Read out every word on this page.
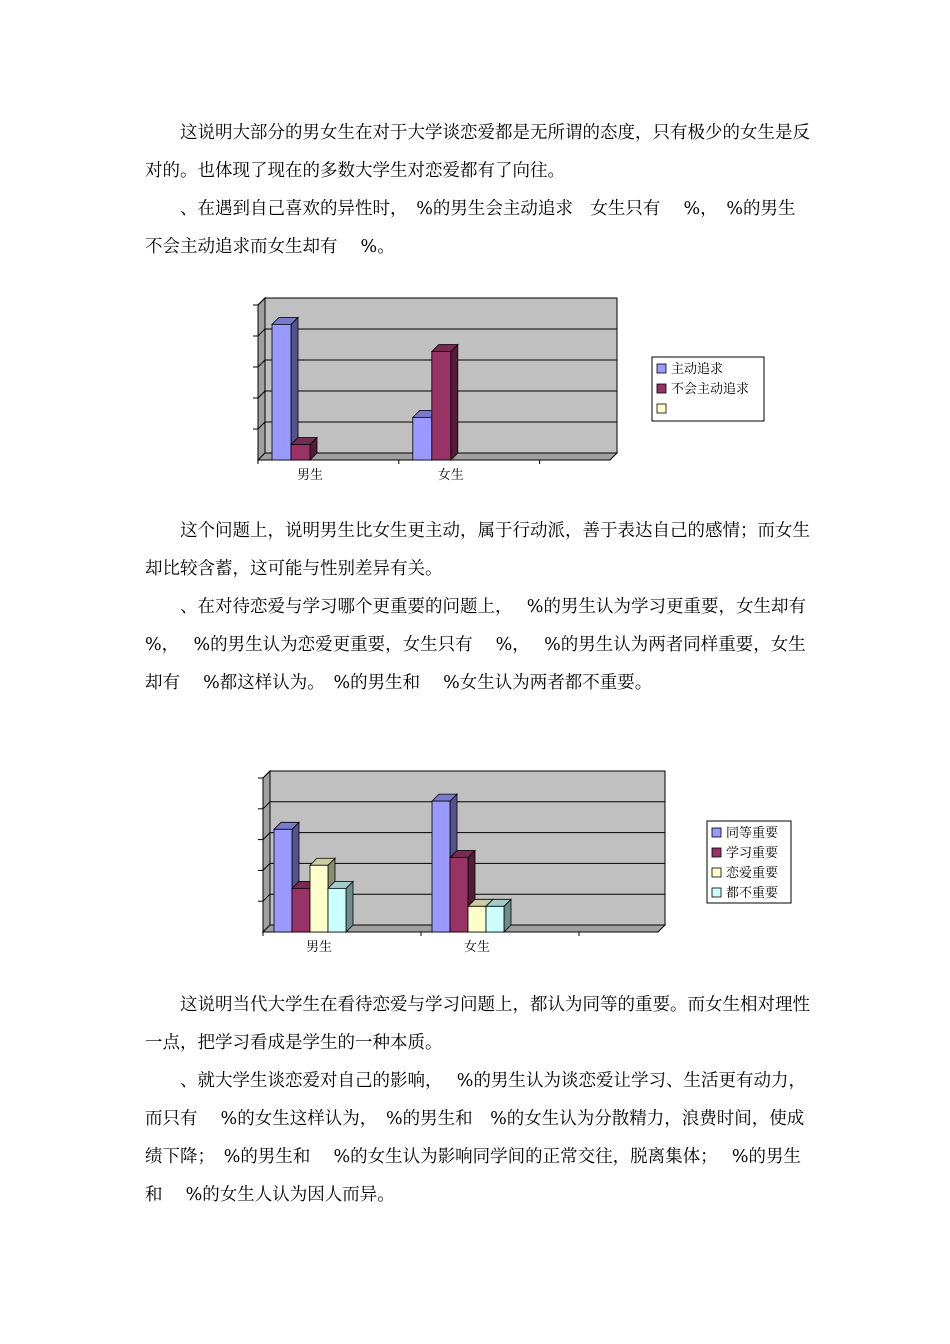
　　这说明大部分的男女生在对于大学谈恋爱都是无所谓的态度，只有极少的女生是反对的。也体现了现在的多数大学生对恋爱都有了向往。

　　、在遇到自己喜欢的异性时，　%的男生会主动追求　女生只有　 %，　%的男生不会主动追求而女生却有　 %。

男生	女生
主动追求
不会主动追求

　　这个问题上，说明男生比女生更主动，属于行动派，善于表达自己的感情；而女生却比较含蓄，这可能与性别差异有关。

　　、在对待恋爱与学习哪个更重要的问题上，　 %的男生认为学习更重要，女生却有　 %，　 %的男生认为恋爱更重要，女生只有　 %，　 %的男生认为两者同样重要，女生却有　 %都这样认为。　%的男生和　 %女生认为两者都不重要。

男生	女生
同等重要
学习重要
恋爱重要
都不重要

　　这说明当代大学生在看待恋爱与学习问题上，都认为同等的重要。而女生相对理性一点，把学习看成是学生的一种本质。

　　、就大学生谈恋爱对自己的影响，　 %的男生认为谈恋爱让学习、生活更有动力，而只有　 %的女生这样认为，　%的男生和　%的女生认为分散精力，浪费时间，使成绩下降；　%的男生和　 %的女生认为影响同学间的正常交往，脱离集体；　 %的男生和　 %的女生人认为因人而异。
